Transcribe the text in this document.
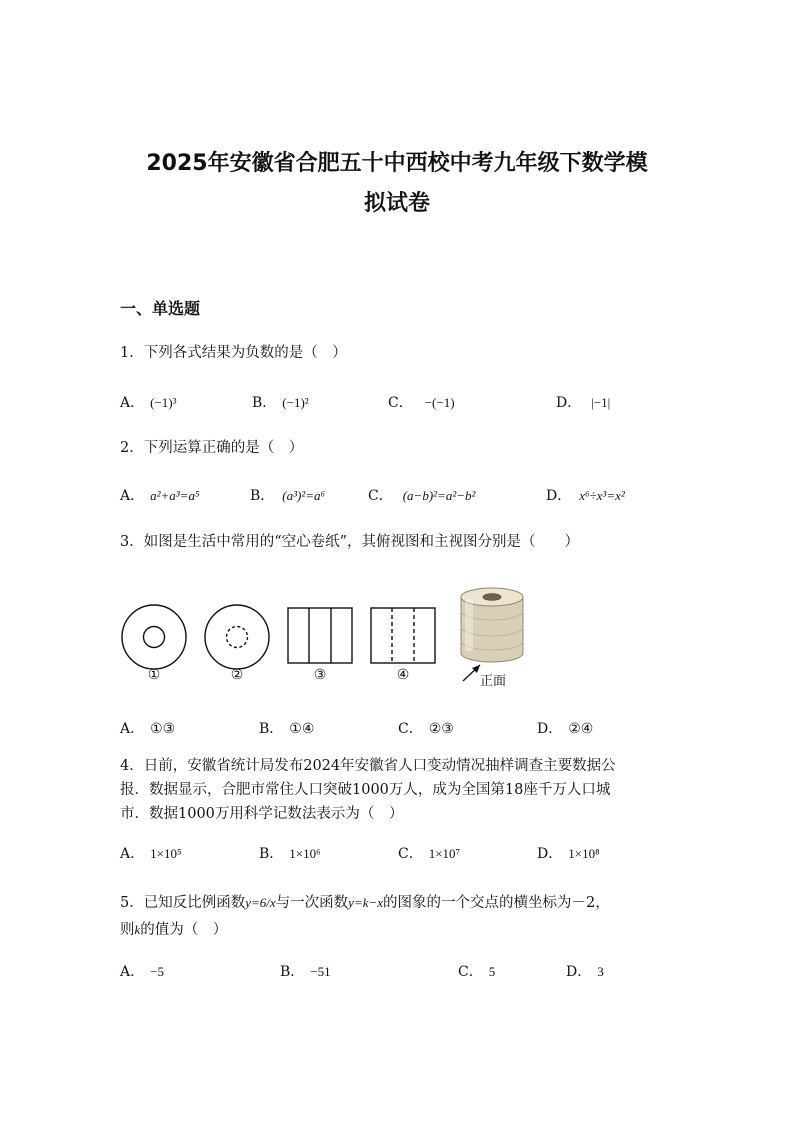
2025年安徽省合肥五十中西校中考九年级下数学模
拟试卷
一、单选题
1．下列各式结果为负数的是（　）
A． (−1)³	B． (−1)²	C． −(−1)	D． |−1|
2．下列运算正确的是（　）
A． a²+a³=a⁵	B． (a³)²=a⁶	C． (a−b)²=a²−b²	D． x⁶÷x³=x²
3．如图是生活中常用的“空心卷纸”，其俯视图和主视图分别是（　　）
①	②	③	④	正面
A． ①③	B． ①④	C． ②③	D． ②④
4．日前，安徽省统计局发布2024年安徽省人口变动情况抽样调查主要数据公
报．数据显示，合肥市常住人口突破1000万人，成为全国第18座千万人口城
市．数据1000万用科学记数法表示为（　）
A． 1×10⁵	B． 1×10⁶	C． 1×10⁷	D． 1×10⁸
5．已知反比例函数y=6/x与一次函数y=k−x的图象的一个交点的横坐标为－2，
则k的值为（　）
A． −5	B． −51	C． 5	D． 3
